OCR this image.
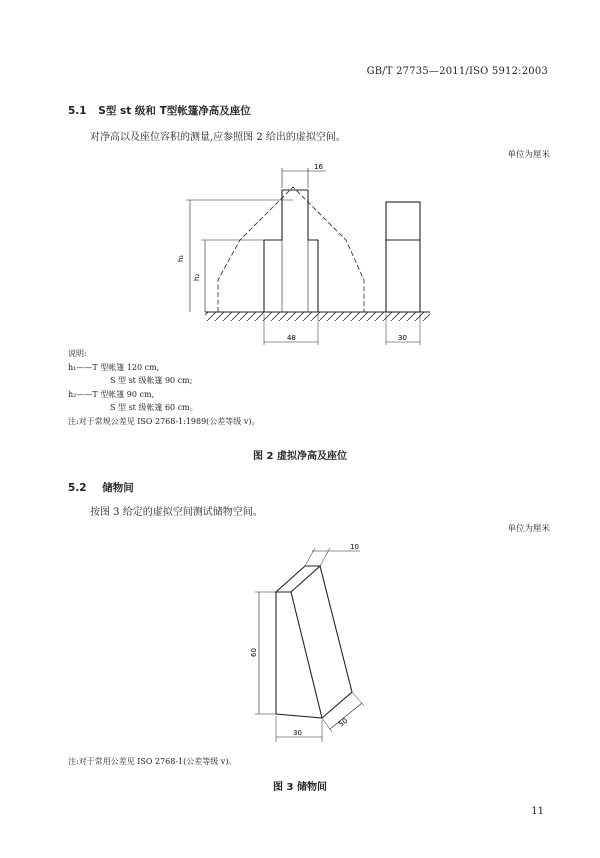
GB/T 27735—2011/ISO 5912:2003
5.1 S型 st 级和 T型帐篷净高及座位
对净高以及座位容积的测量,应参照图 2 给出的虚拟空间。
单位为厘米
16
h₁
h₂
48	30
说明:
h₁——T 型帐篷 120 cm,
S 型 st 级帐篷 90 cm;
h₂——T 型帐篷 90 cm,
S 型 st 级帐篷 60 cm。
注:对于常规公差见 ISO 2768-1:1989(公差等级 v)。
图 2 虚拟净高及座位
5.2 储物间
按图 3 给定的虚拟空间测试储物空间。
单位为厘米
10
60
30
50
注:对于常用公差见 ISO 2768-1(公差等级 v)。
图 3 储物间
11
